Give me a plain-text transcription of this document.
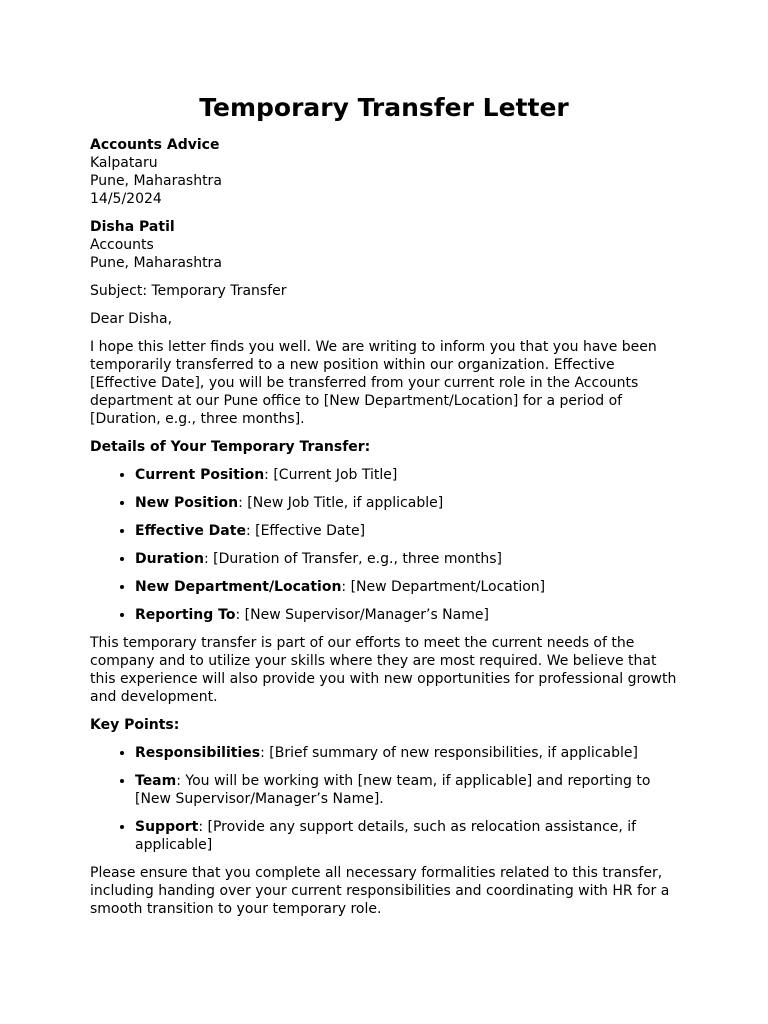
Temporary Transfer Letter
Accounts Advice
Kalpataru
Pune, Maharashtra
14/5/2024
Disha Patil
Accounts
Pune, Maharashtra

Subject: Temporary Transfer

Dear Disha,

I hope this letter finds you well. We are writing to inform you that you have been temporarily transferred to a new position within our organization. Effective [Effective Date], you will be transferred from your current role in the Accounts department at our Pune office to [New Department/Location] for a period of [Duration, e.g., three months].

Details of Your Temporary Transfer:
• Current Position: [Current Job Title]
• New Position: [New Job Title, if applicable]
• Effective Date: [Effective Date]
• Duration: [Duration of Transfer, e.g., three months]
• New Department/Location: [New Department/Location]
• Reporting To: [New Supervisor/Manager’s Name]

This temporary transfer is part of our efforts to meet the current needs of the company and to utilize your skills where they are most required. We believe that this experience will also provide you with new opportunities for professional growth and development.

Key Points:
• Responsibilities: [Brief summary of new responsibilities, if applicable]
• Team: You will be working with [new team, if applicable] and reporting to [New Supervisor/Manager’s Name].
• Support: [Provide any support details, such as relocation assistance, if applicable]

Please ensure that you complete all necessary formalities related to this transfer, including handing over your current responsibilities and coordinating with HR for a smooth transition to your temporary role.
